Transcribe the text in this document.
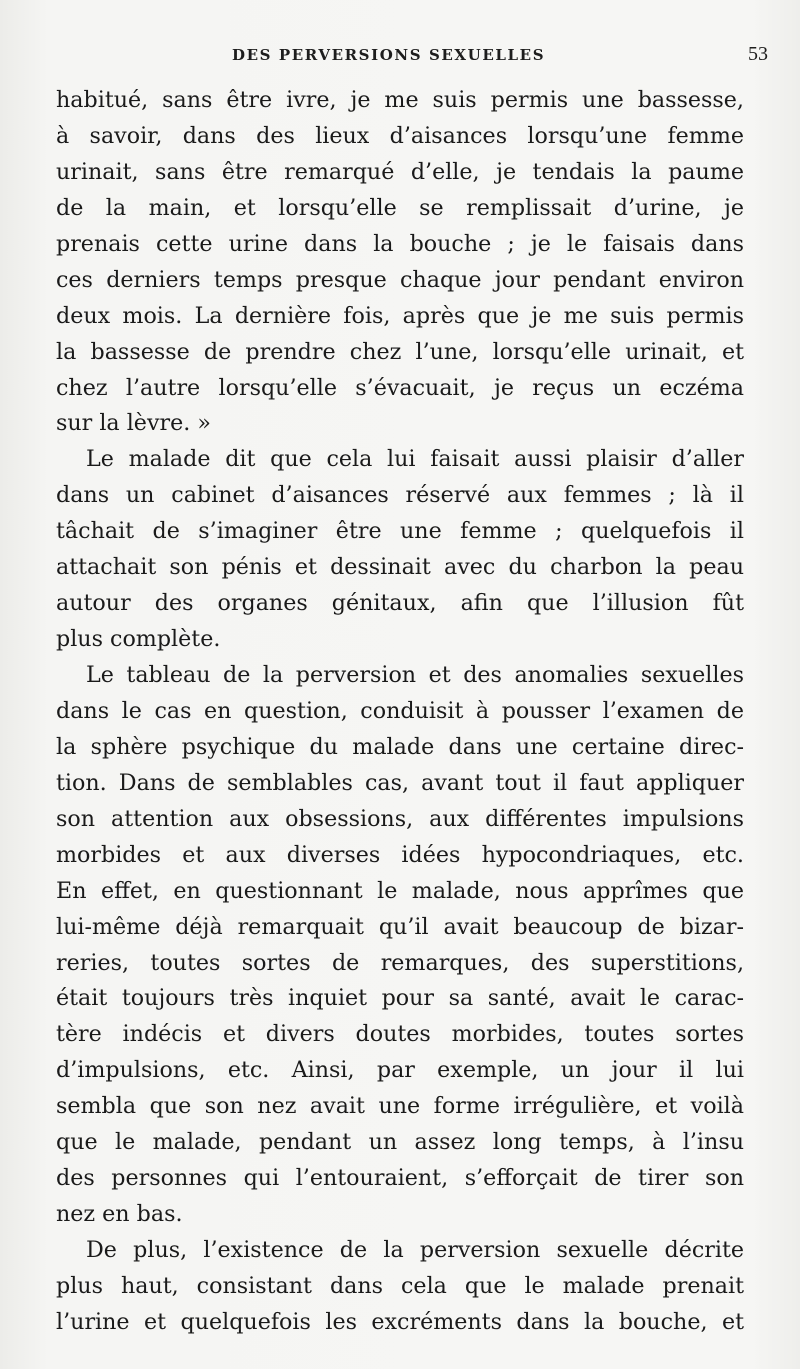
DES PERVERSIONS SEXUELLES	53
habitué, sans être ivre, je me suis permis une bassesse,
à savoir, dans des lieux d’aisances lorsqu’une femme
urinait, sans être remarqué d’elle, je tendais la paume
de la main, et lorsqu’elle se remplissait d’urine, je
prenais cette urine dans la bouche ; je le faisais dans
ces derniers temps presque chaque jour pendant environ
deux mois. La dernière fois, après que je me suis permis
la bassesse de prendre chez l’une, lorsqu’elle urinait, et
chez l’autre lorsqu’elle s’évacuait, je reçus un eczéma
sur la lèvre. »
Le malade dit que cela lui faisait aussi plaisir d’aller
dans un cabinet d’aisances réservé aux femmes ; là il
tâchait de s’imaginer être une femme ; quelquefois il
attachait son pénis et dessinait avec du charbon la peau
autour des organes génitaux, afin que l’illusion fût
plus complète.
Le tableau de la perversion et des anomalies sexuelles
dans le cas en question, conduisit à pousser l’examen de
la sphère psychique du malade dans une certaine direc-
tion. Dans de semblables cas, avant tout il faut appliquer
son attention aux obsessions, aux différentes impulsions
morbides et aux diverses idées hypocondriaques, etc.
En effet, en questionnant le malade, nous apprîmes que
lui-même déjà remarquait qu’il avait beaucoup de bizar-
reries, toutes sortes de remarques, des superstitions,
était toujours très inquiet pour sa santé, avait le carac-
tère indécis et divers doutes morbides, toutes sortes
d’impulsions, etc. Ainsi, par exemple, un jour il lui
sembla que son nez avait une forme irrégulière, et voilà
que le malade, pendant un assez long temps, à l’insu
des personnes qui l’entouraient, s’efforçait de tirer son
nez en bas.
De plus, l’existence de la perversion sexuelle décrite
plus haut, consistant dans cela que le malade prenait
l’urine et quelquefois les excréments dans la bouche, et
